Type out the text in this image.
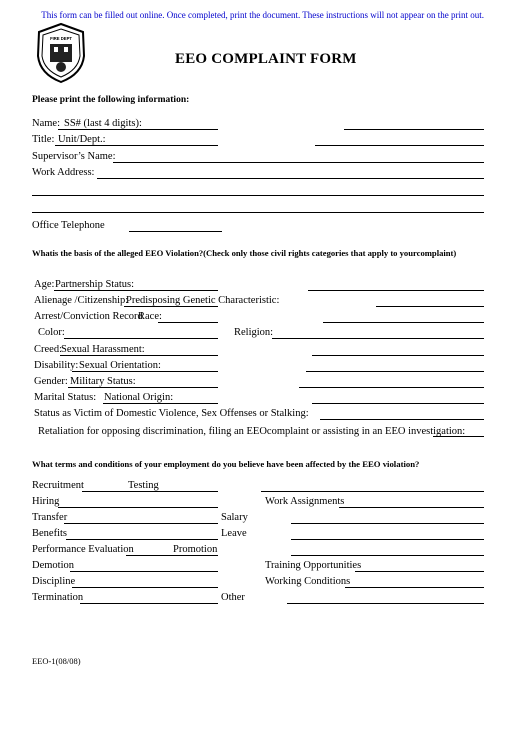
This form can be filled out online. Once completed, print the document. These instructions will not appear on the print out.
FIRE DEPT
EEO COMPLAINT FORM
Please print the following information:
Name: SS# (last 4 digits):
Title: Unit/Dept.:
Supervisor’s Name:
Work Address:
Office Telephone
Whatis the basis of the alleged EEO Violation?(Check only those civil rights categories that apply to yourcomplaint)
Age: Partnership Status:
Alienage /Citizenship:
Predisposing Genetic Characteristic:
Arrest/Conviction Record
Race:
Color:	Religion:
Creed: Sexual Harassment:
Disability: Sexual Orientation:
Gender: Military Status:
Marital Status: National Origin:
Status as Victim of Domestic Violence, Sex Offenses or Stalking:
Retaliation for opposing discrimination, filing an EEOcomplaint or assisting in an EEO investigation:
What terms and conditions of your employment do you believe have been affected by the EEO violation?
Recruitment	Testing
Hiring	Work Assignments
Transfer	Salary
Benefits	Leave
Performance Evaluation	Promotion
Demotion	Training Opportunities
Discipline	Working Conditions
Termination	Other
EEO-1(08/08)
